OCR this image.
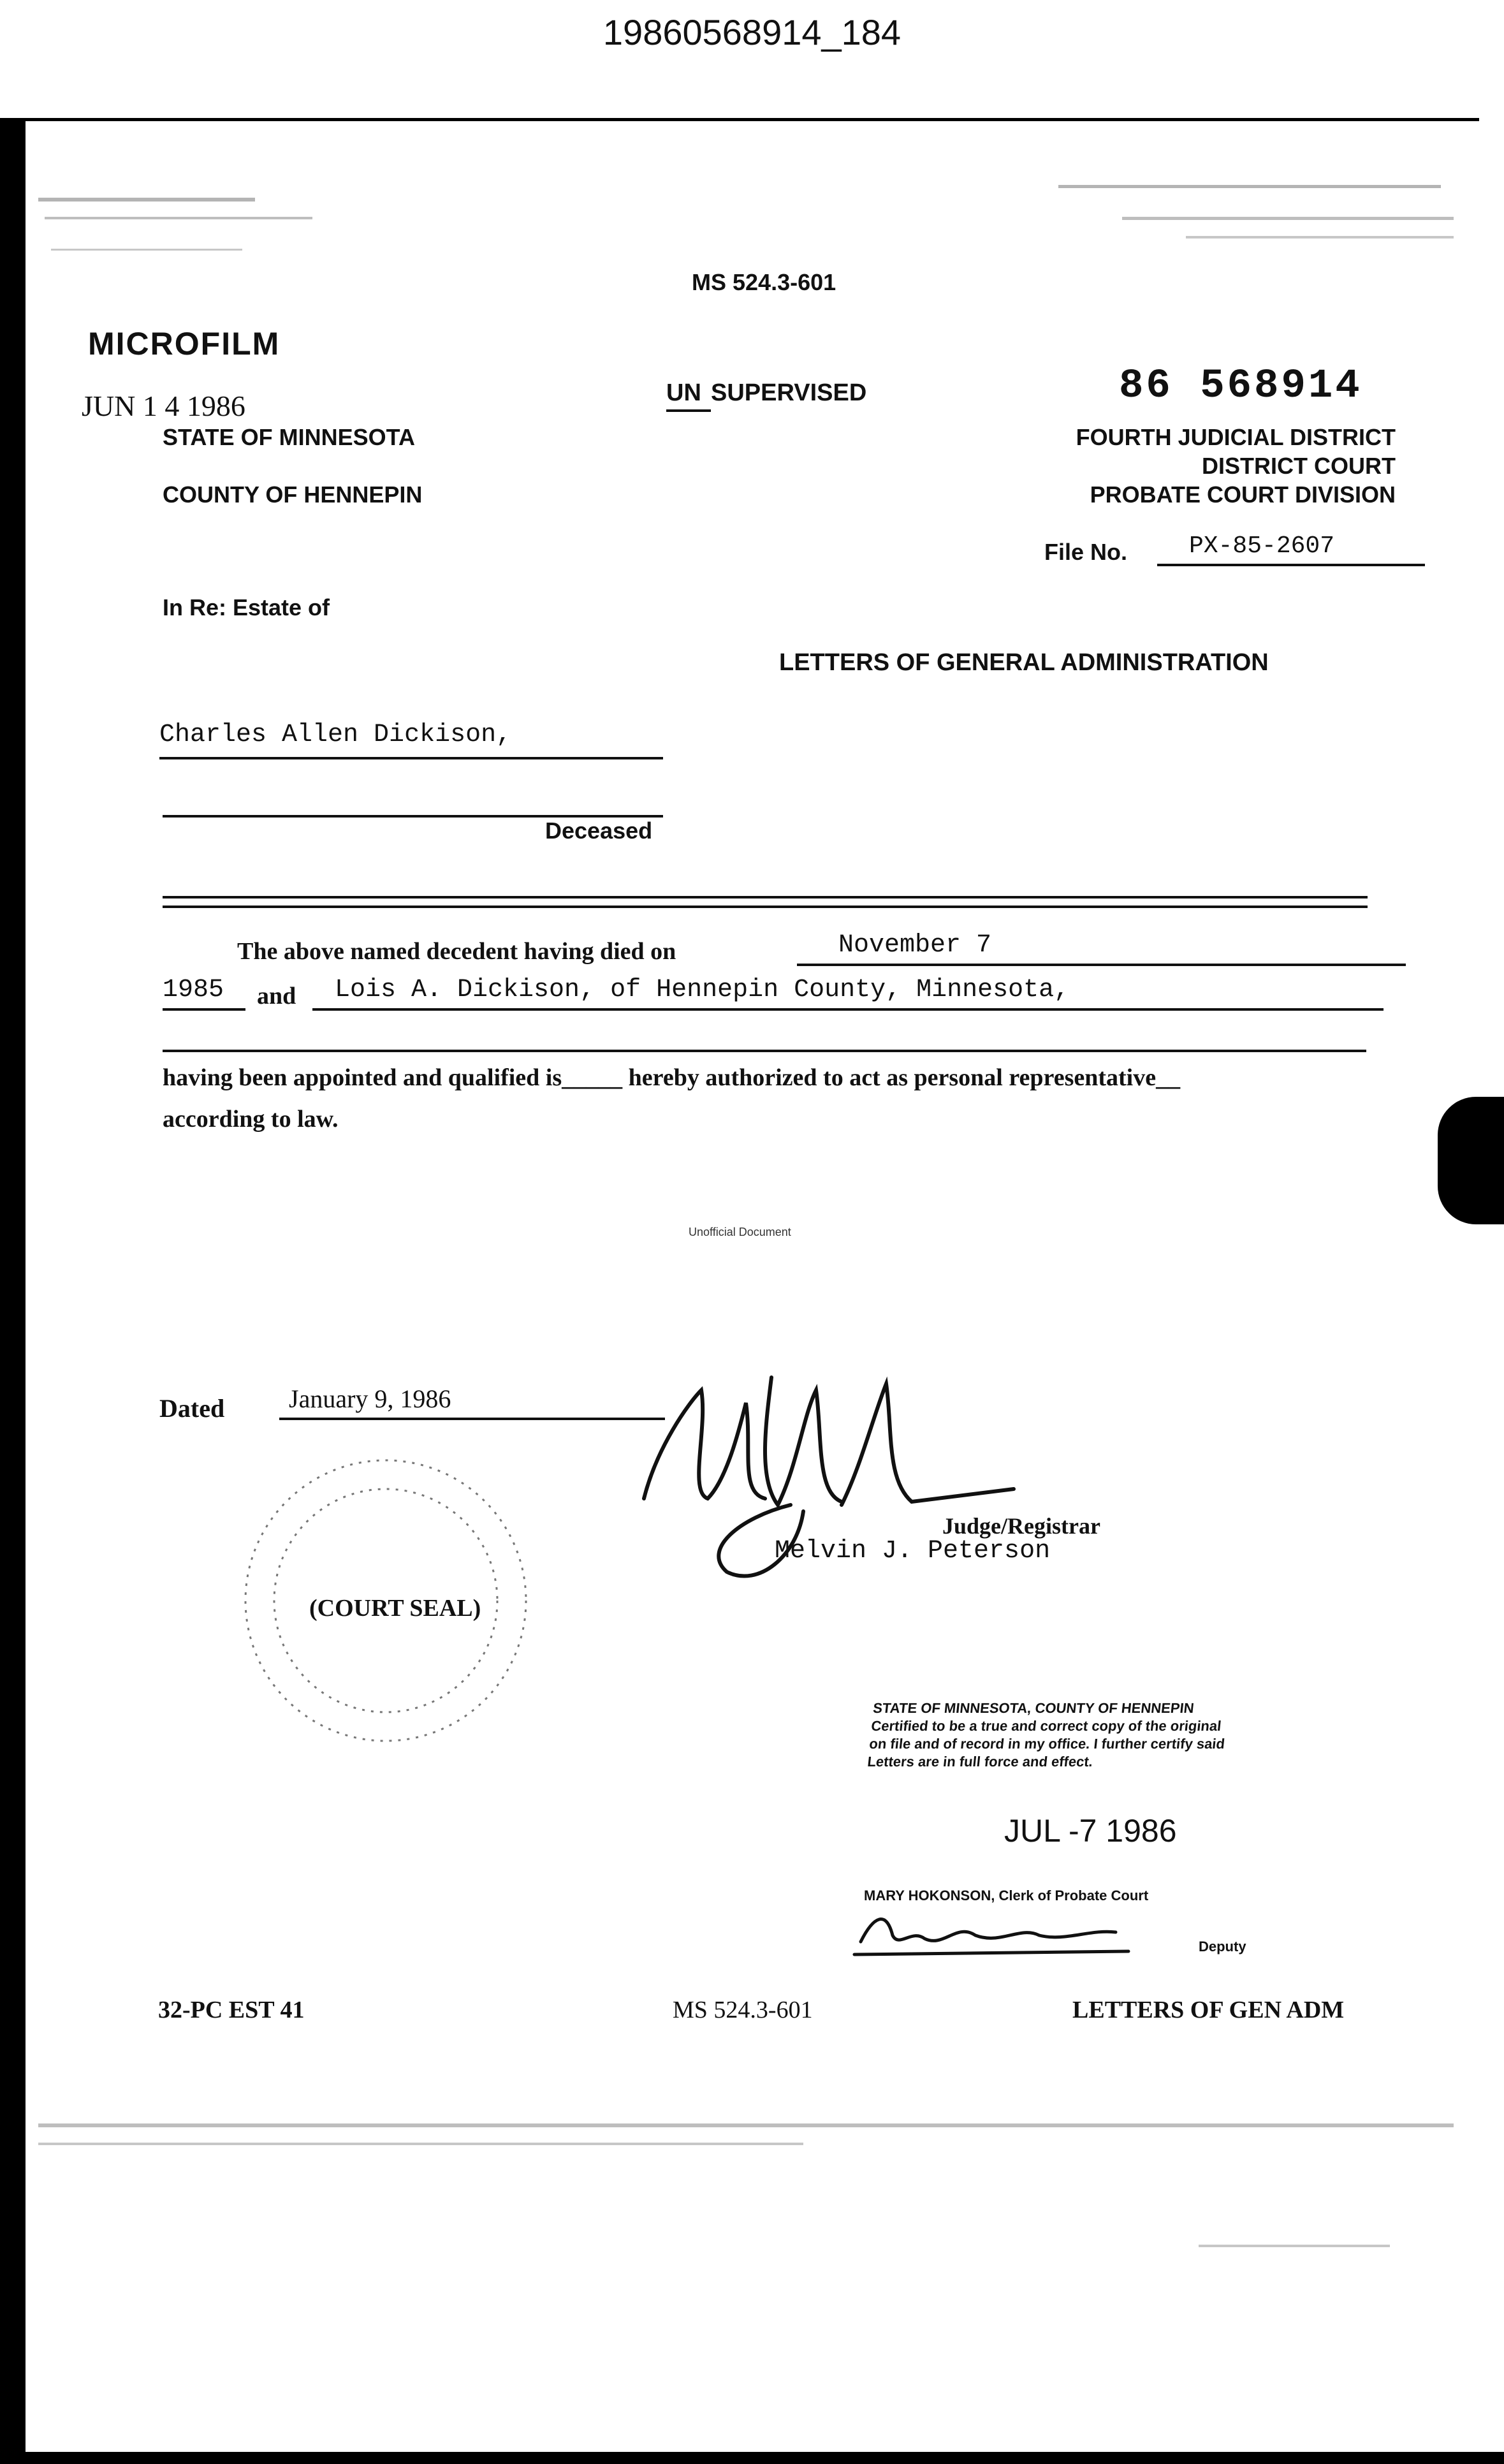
19860568914_184
MS 524.3-601
MICROFILM
JUN 1 4 1986	86 568914
STATE OF MINNESOTA
COUNTY OF HENNEPIN
UN SUPERVISED
FOURTH JUDICIAL DISTRICT
DISTRICT COURT
PROBATE COURT DIVISION
File No.	PX-85-2607
In Re: Estate of
LETTERS OF GENERAL ADMINISTRATION
Charles Allen Dickison,
Deceased
The above named decedent having died on	November 7
1985	and	Lois A. Dickison, of Hennepin County, Minnesota,
having been appointed and qualified is_____ hereby authorized to act as personal representative__
according to law.
Unofficial Document
Dated	January 9, 1986
Judge/Registrar
Melvin J. Peterson
(COURT SEAL)
STATE OF MINNESOTA, COUNTY OF HENNEPIN
Certified to be a true and correct copy of the original
on file and of record in my office. I further certify said
Letters are in full force and effect.
JUL -7 1986
MARY HOKONSON, Clerk of Probate Court
Deputy
32-PC EST 41	MS 524.3-601	LETTERS OF GEN ADM
